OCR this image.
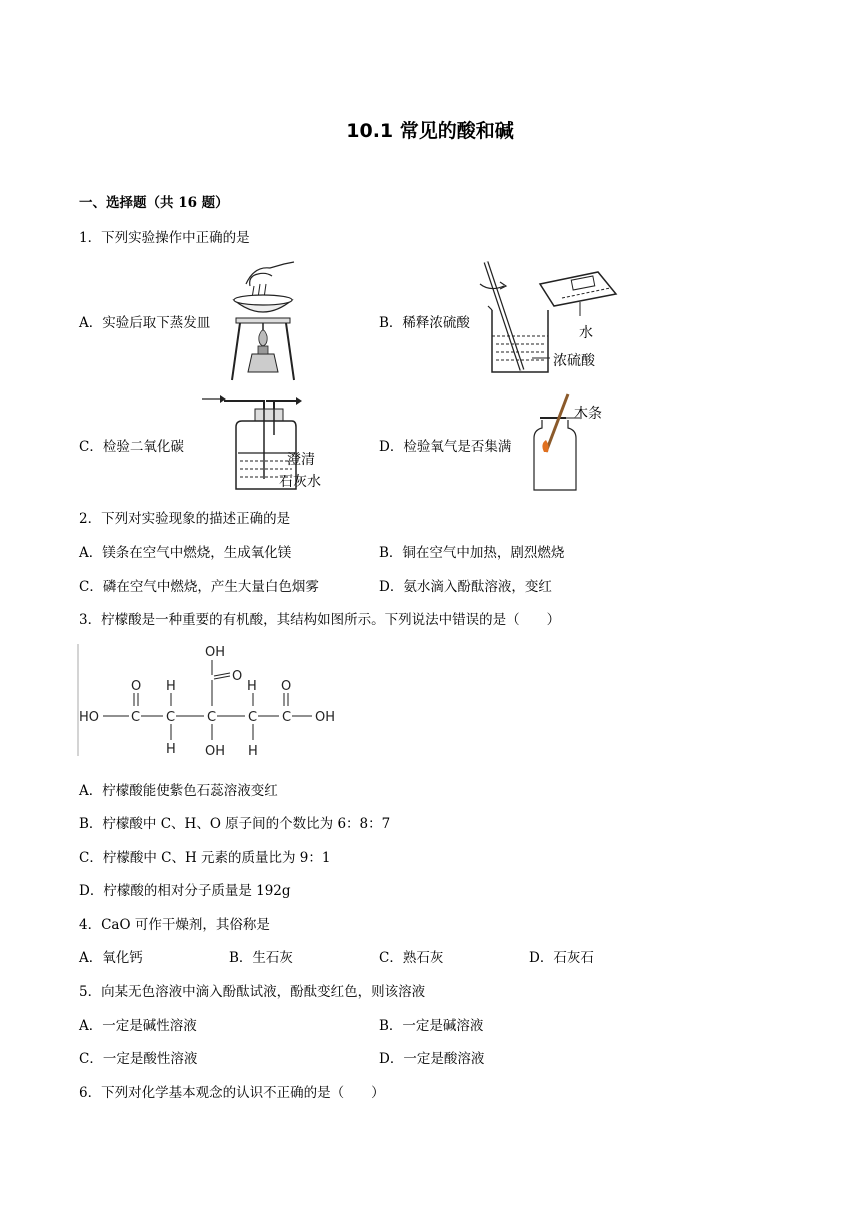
10.1 常见的酸和碱
一、选择题（共 16 题）
1．下列实验操作中正确的是
A．实验后取下蒸发皿	B．稀释浓硫酸
水
浓硫酸
C．检验二氧化碳
澄清
石灰水
D．检验氧气是否集满
木条
2．下列对实验现象的描述正确的是
A．镁条在空气中燃烧，生成氧化镁	B．铜在空气中加热，剧烈燃烧
C．磷在空气中燃烧，产生大量白色烟雾	D．氨水滴入酚酞溶液，变红
3．柠檬酸是一种重要的有机酸，其结构如图所示。下列说法中错误的是（　　）
OH
O H
O
H O
HO C C C C C OH
H OH H
A．柠檬酸能使紫色石蕊溶液变红
B．柠檬酸中 C、H、O 原子间的个数比为 6：8：7
C．柠檬酸中 C、H 元素的质量比为 9：1
D．柠檬酸的相对分子质量是 192g
4．CaO 可作干燥剂，其俗称是
A．氧化钙	B．生石灰	C．熟石灰	D．石灰石
5．向某无色溶液中滴入酚酞试液，酚酞变红色，则该溶液
A．一定是碱性溶液	B．一定是碱溶液
C．一定是酸性溶液	D．一定是酸溶液
6．下列对化学基本观念的认识不正确的是（　　）
